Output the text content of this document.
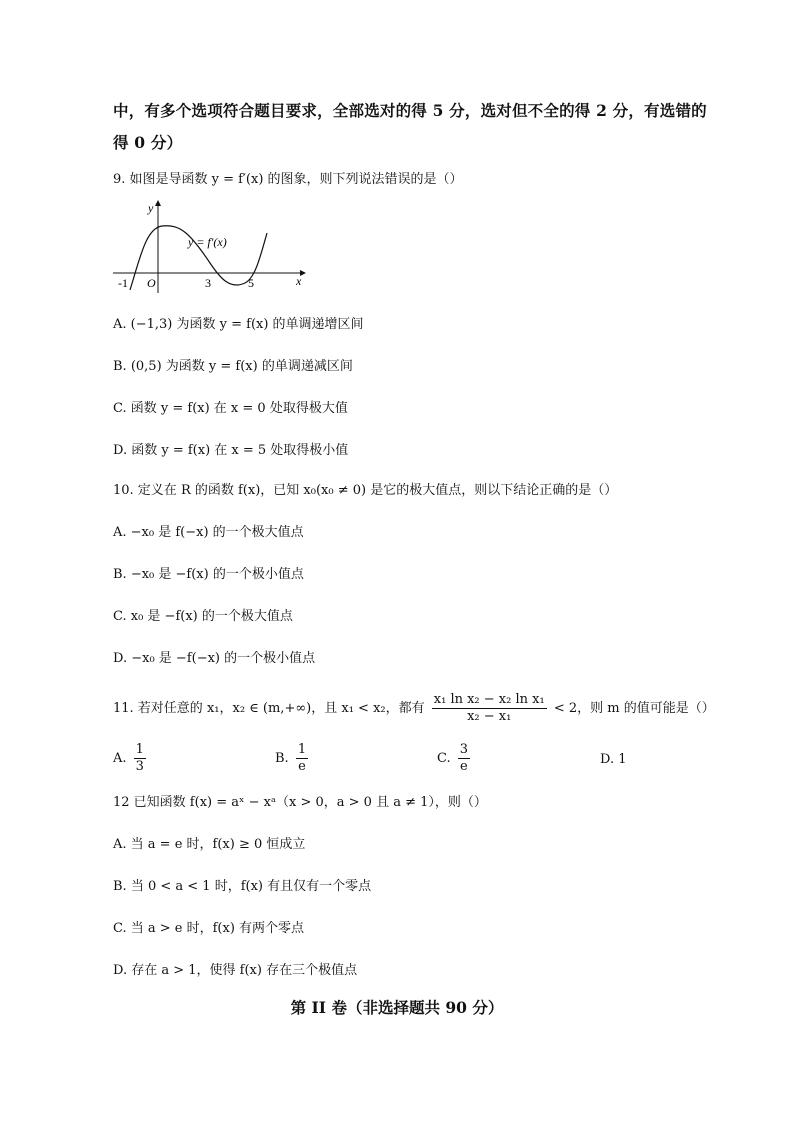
中，有多个选项符合题目要求，全部选对的得 5 分，选对但不全的得 2 分，有选错的
得 0 分）
9. 如图是导函数 y = f′(x) 的图象，则下列说法错误的是（）
y
x
y = f′(x)
-1 O	3	5
A. (−1,3) 为函数 y = f(x) 的单调递增区间
B. (0,5) 为函数 y = f(x) 的单调递减区间
C. 函数 y = f(x) 在 x = 0 处取得极大值
D. 函数 y = f(x) 在 x = 5 处取得极小值
10. 定义在 R 的函数 f(x)，已知 x₀(x₀ ≠ 0) 是它的极大值点，则以下结论正确的是（）
A. −x₀ 是 f(−x) 的一个极大值点
B. −x₀ 是 −f(x) 的一个极小值点
C. x₀ 是 −f(x) 的一个极大值点
D. −x₀ 是 −f(−x) 的一个极小值点
11. 若对任意的 x₁，x₂ ∈ (m,+∞)，且 x₁ < x₂，都有 $\frac{\text{x₁ ln x₂ − x₂ ln x₁}}{\text{x₂ − x₁}} < 2$，则 m 的值可能是（）
A. $\frac{1}{3}$	B. $\frac{1}{e}$	C. $\frac{3}{e}$	D. 1
12 已知函数 f(x) = aˣ − xᵃ（x > 0，a > 0 且 a ≠ 1），则（）
A. 当 a = e 时，f(x) ≥ 0 恒成立
B. 当 0 < a < 1 时，f(x) 有且仅有一个零点
C. 当 a > e 时，f(x) 有两个零点
D. 存在 a > 1，使得 f(x) 存在三个极值点
第 II 卷（非选择题共 90 分）
